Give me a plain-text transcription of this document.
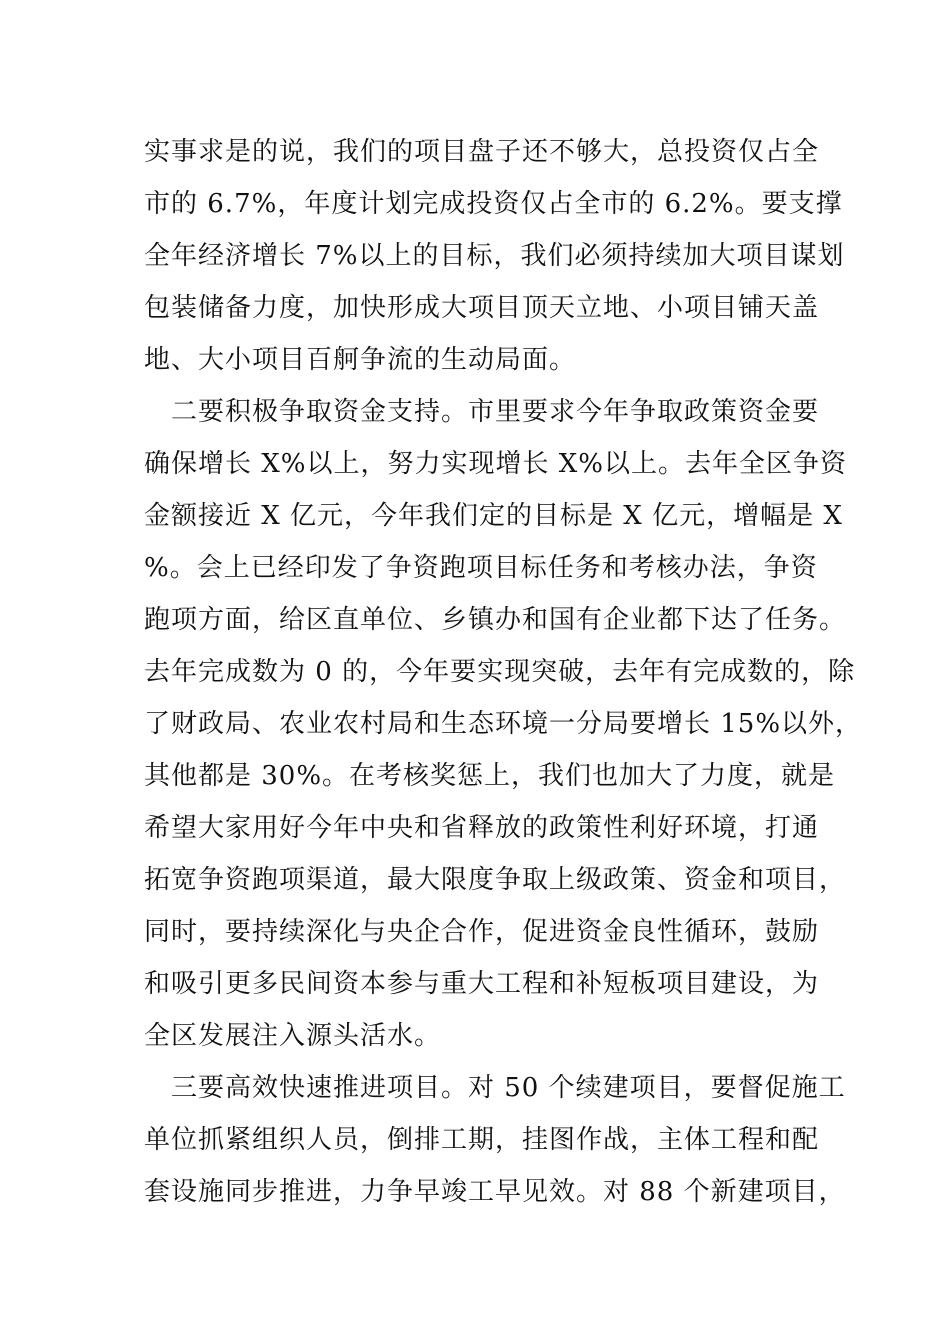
实事求是的说，我们的项目盘子还不够大，总投资仅占全
市的 6.7%，年度计划完成投资仅占全市的 6.2%。要支撑
全年经济增长 7%以上的目标，我们必须持续加大项目谋划
包装储备力度，加快形成大项目顶天立地、小项目铺天盖
地、大小项目百舸争流的生动局面。
　二要积极争取资金支持。市里要求今年争取政策资金要
确保增长 X%以上，努力实现增长 X%以上。去年全区争资
金额接近 X 亿元，今年我们定的目标是 X 亿元，增幅是 X
%。会上已经印发了争资跑项目标任务和考核办法，争资
跑项方面，给区直单位、乡镇办和国有企业都下达了任务。
去年完成数为 0 的，今年要实现突破，去年有完成数的，除
了财政局、农业农村局和生态环境一分局要增长 15%以外，
其他都是 30%。在考核奖惩上，我们也加大了力度，就是
希望大家用好今年中央和省释放的政策性利好环境，打通
拓宽争资跑项渠道，最大限度争取上级政策、资金和项目，
同时，要持续深化与央企合作，促进资金良性循环，鼓励
和吸引更多民间资本参与重大工程和补短板项目建设，为
全区发展注入源头活水。
　三要高效快速推进项目。对 50 个续建项目，要督促施工
单位抓紧组织人员，倒排工期，挂图作战，主体工程和配
套设施同步推进，力争早竣工早见效。对 88 个新建项目，
